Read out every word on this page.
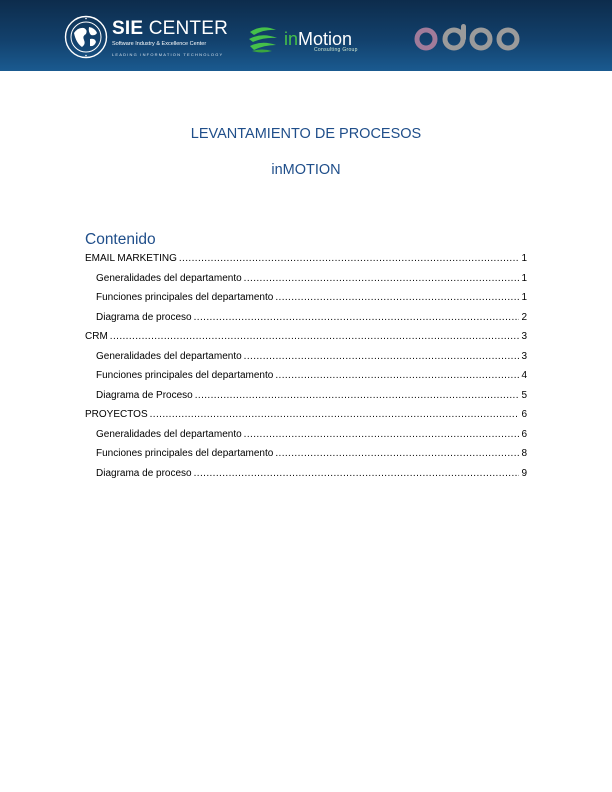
SIE CENTER
Software Industry & Excellence Center
LEADING INFORMATION TECHNOLOGY
inMotion
Consulting Group
LEVANTAMIENTO DE PROCESOS
inMOTION
Contenido
EMAIL MARKETING .....	1
Generalidades del departamento .....	1
Funciones principales del departamento .....	1
Diagrama de proceso .....	2
CRM .....	3
Generalidades del departamento .....	3
Funciones principales del departamento .....	4
Diagrama de Proceso .....	5
PROYECTOS .....	6
Generalidades del departamento .....	6
Funciones principales del departamento .....	8
Diagrama de proceso .....	9
